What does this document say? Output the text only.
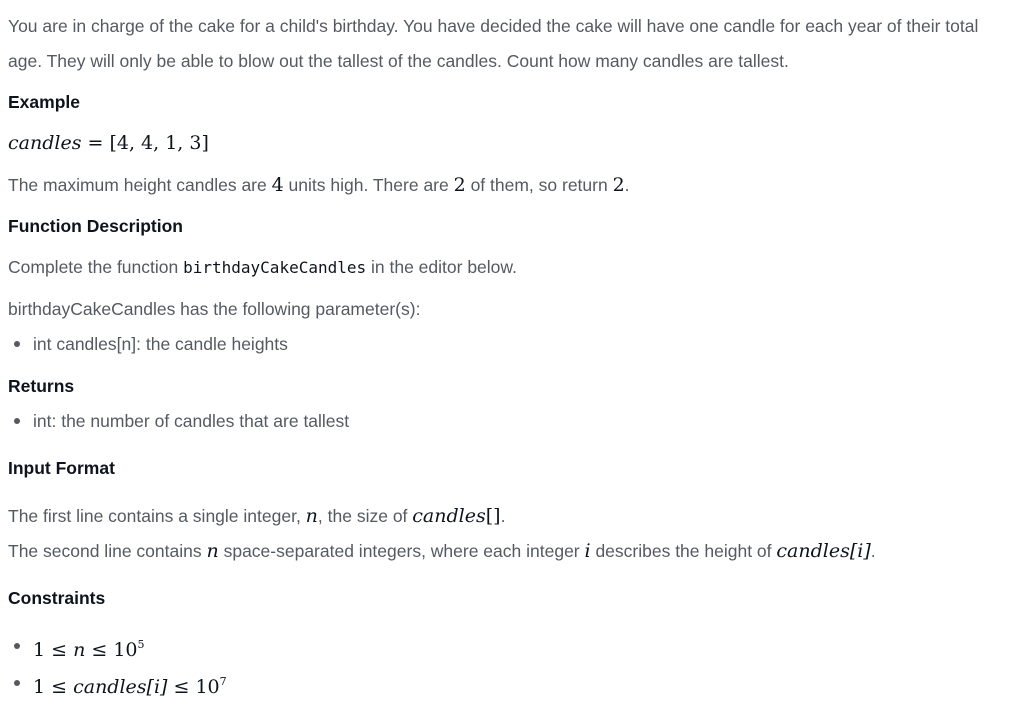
You are in charge of the cake for a child's birthday. You have decided the cake will have one candle for each year of their total
age. They will only be able to blow out the tallest of the candles. Count how many candles are tallest.
Example
candles = [4, 4, 1, 3]
The maximum height candles are 4 units high. There are 2 of them, so return 2.
Function Description
Complete the function birthdayCakeCandles in the editor below.
birthdayCakeCandles has the following parameter(s):
int candles[n]: the candle heights
Returns
int: the number of candles that are tallest
Input Format
The first line contains a single integer, n, the size of candles[].
The second line contains n space-separated integers, where each integer i describes the height of candles[i].
Constraints
$1 \le n \le 10^5$
1 ≤ candles[i] ≤ $10^7$
